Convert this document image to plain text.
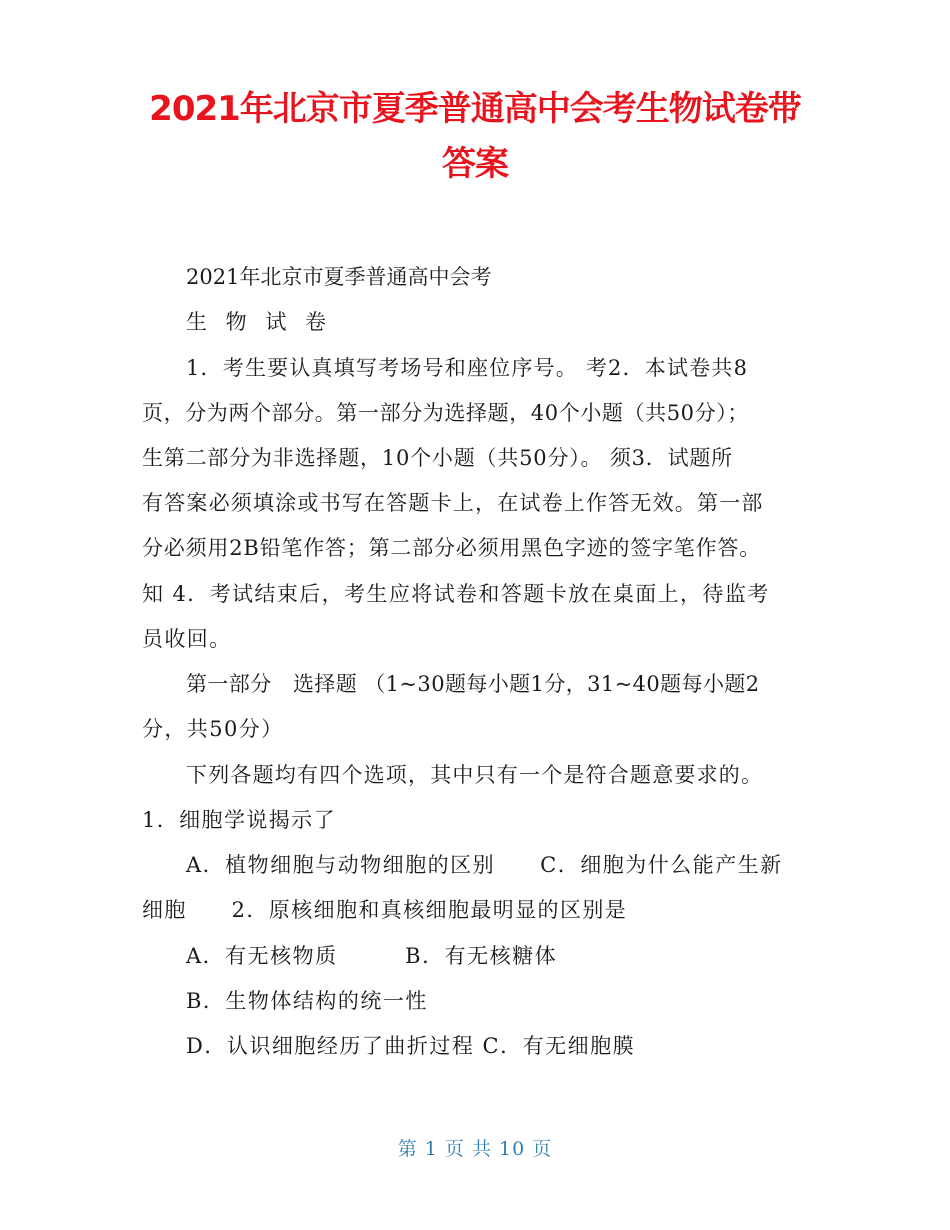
2021年北京市夏季普通高中会考生物试卷带
答案
2021年北京市夏季普通高中会考
生 物 试 卷
1．考生要认真填写考场号和座位序号。 考2．本试卷共8
页，分为两个部分。第一部分为选择题，40个小题（共50分）；
生第二部分为非选择题，10个小题（共50分）。 须3．试题所
有答案必须填涂或书写在答题卡上，在试卷上作答无效。第一部
分必须用2B铅笔作答；第二部分必须用黑色字迹的签字笔作答。
知 4．考试结束后，考生应将试卷和答题卡放在桌面上，待监考
员收回。
第一部分　选择题 （1~30题每小题1分，31~40题每小题2
分，共50分）
下列各题均有四个选项，其中只有一个是符合题意要求的。
1．细胞学说揭示了
A．植物细胞与动物细胞的区别　　C．细胞为什么能产生新
细胞　　2．原核细胞和真核细胞最明显的区别是
A．有无核物质　　　B．有无核糖体
B．生物体结构的统一性
D．认识细胞经历了曲折过程 C．有无细胞膜
第 1 页 共 10 页
